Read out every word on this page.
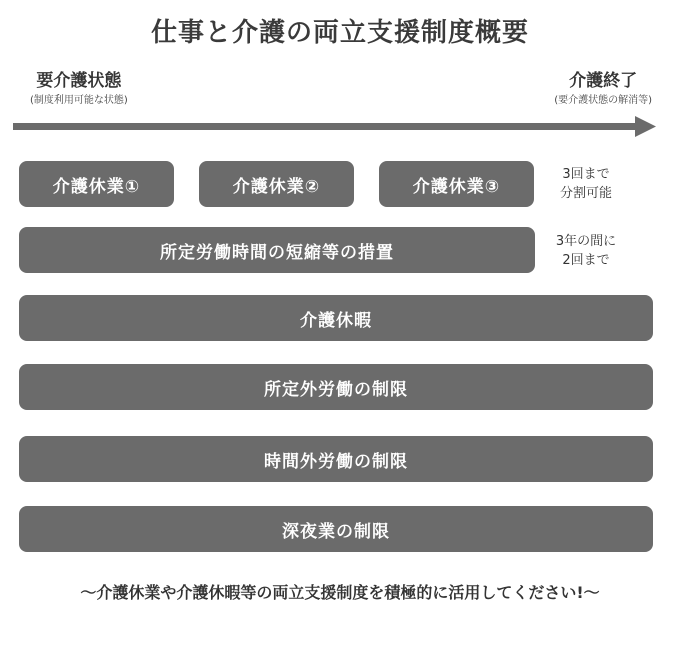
仕事と介護の両立支援制度概要
要介護状態
(制度利用可能な状態)
介護終了
(要介護状態の解消等)
介護休業①	介護休業②	介護休業③
3回まで
分割可能
所定労働時間の短縮等の措置
3年の間に
2回まで
介護休暇
所定外労働の制限
時間外労働の制限
深夜業の制限
〜介護休業や介護休暇等の両立支援制度を積極的に活用してください!〜
